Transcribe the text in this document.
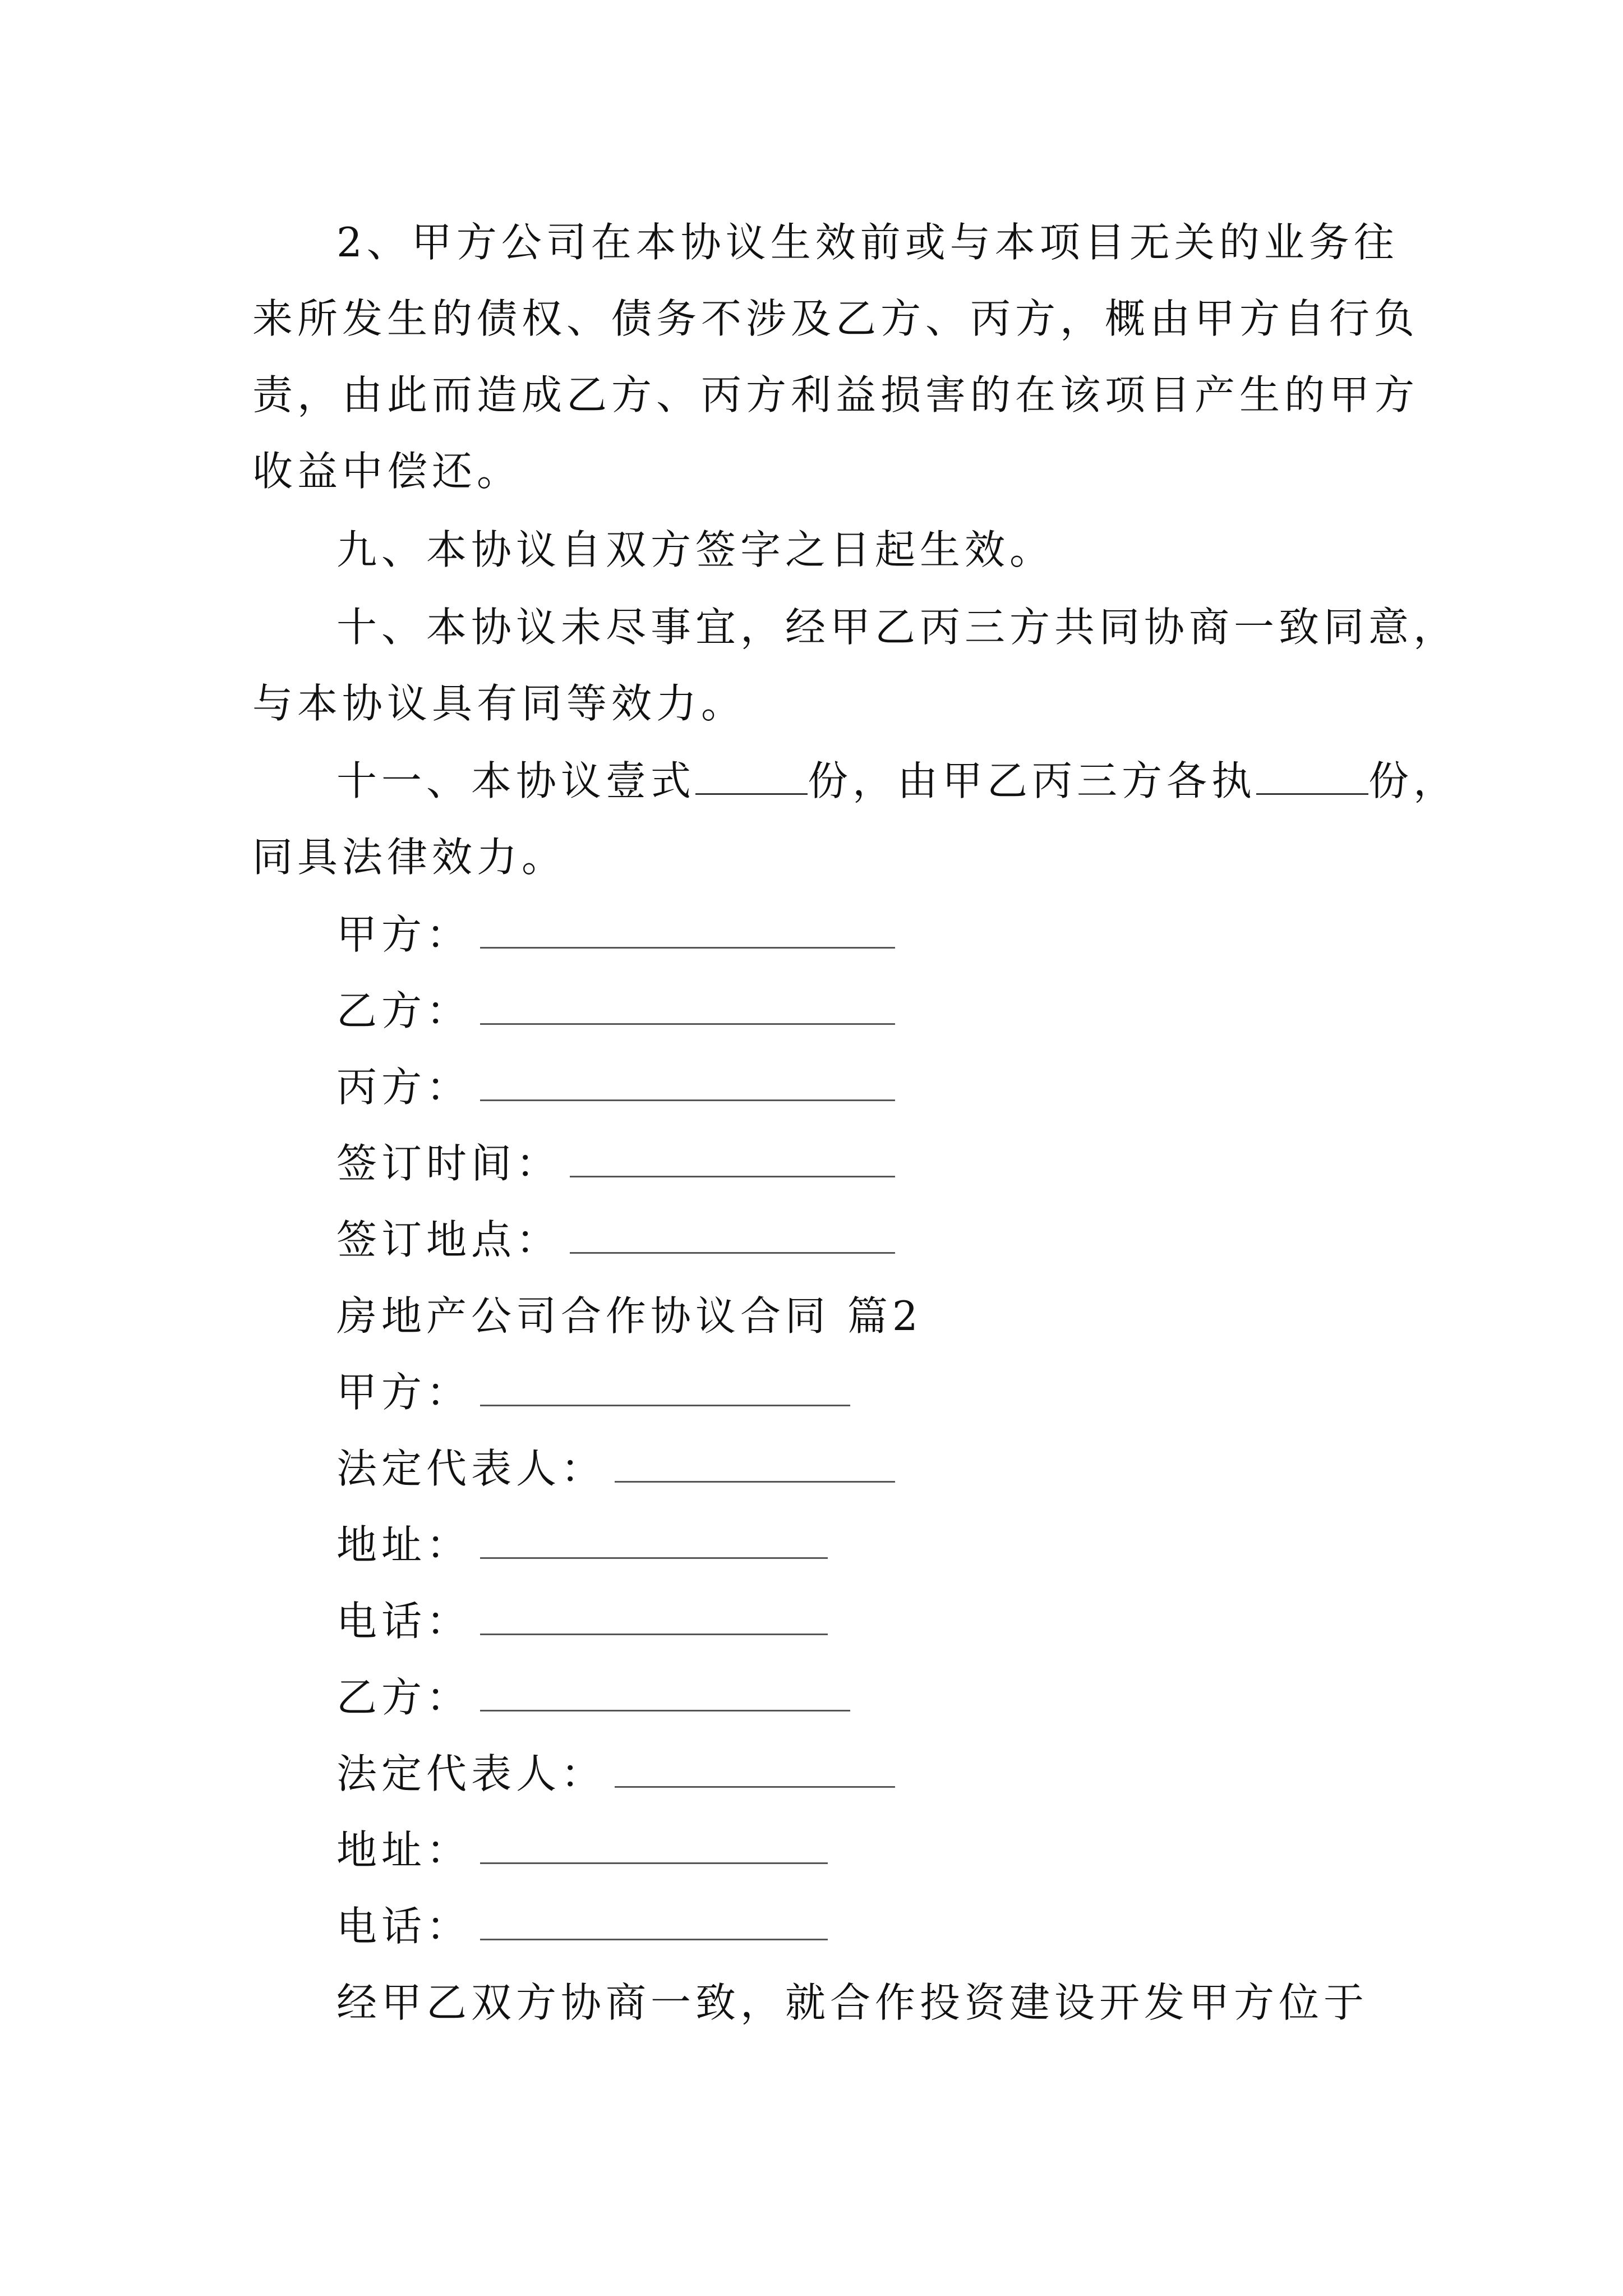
2、甲方公司在本协议生效前或与本项目无关的业务往
来所发生的债权、债务不涉及乙方、丙方，概由甲方自行负
责，由此而造成乙方、丙方利益损害的在该项目产生的甲方
收益中偿还。
九、本协议自双方签字之日起生效。
十、本协议未尽事宜，经甲乙丙三方共同协商一致同意，
与本协议具有同等效力。
十一、本协议壹式	份，由甲乙丙三方各执	份，
同具法律效力。
甲方：
乙方：
丙方：
签订时间：
签订地点：
房地产公司合作协议合同 篇2
甲方：
法定代表人：
地址：
电话：
乙方：
法定代表人：
地址：
电话：
经甲乙双方协商一致，就合作投资建设开发甲方位于
